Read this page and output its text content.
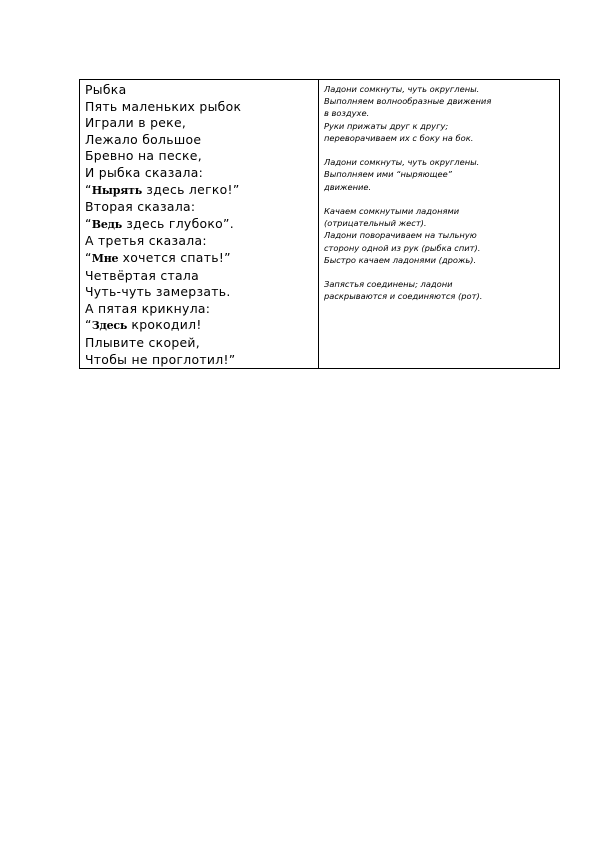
Рыбка
Пять маленьких рыбок
Играли в реке,
Лежало большое
Бревно на песке,
И рыбка сказала:
“Нырять здесь легко!”
Вторая сказала:
“Ведь здесь глубоко”.
А третья сказала:
“Мне хочется спать!”
Четвёртая стала
Чуть-чуть замерзать.
А пятая крикнула:
“Здесь крокодил!
Плывите скорей,
Чтобы не проглотил!”

Ладони сомкнуты, чуть округлены.
Выполняем волнообразные движения
в воздухе.
Руки прижаты друг к другу;
переворачиваем их с боку на бок.
Ладони сомкнуты, чуть округлены.
Выполняем ими “ныряющее”
движение.
Качаем сомкнутыми ладонями
(отрицательный жест).
Ладони поворачиваем на тыльную
сторону одной из рук (рыбка спит).
Быстро качаем ладонями (дрожь).
Запястья соединены; ладони
раскрываются и соединяются (рот).
